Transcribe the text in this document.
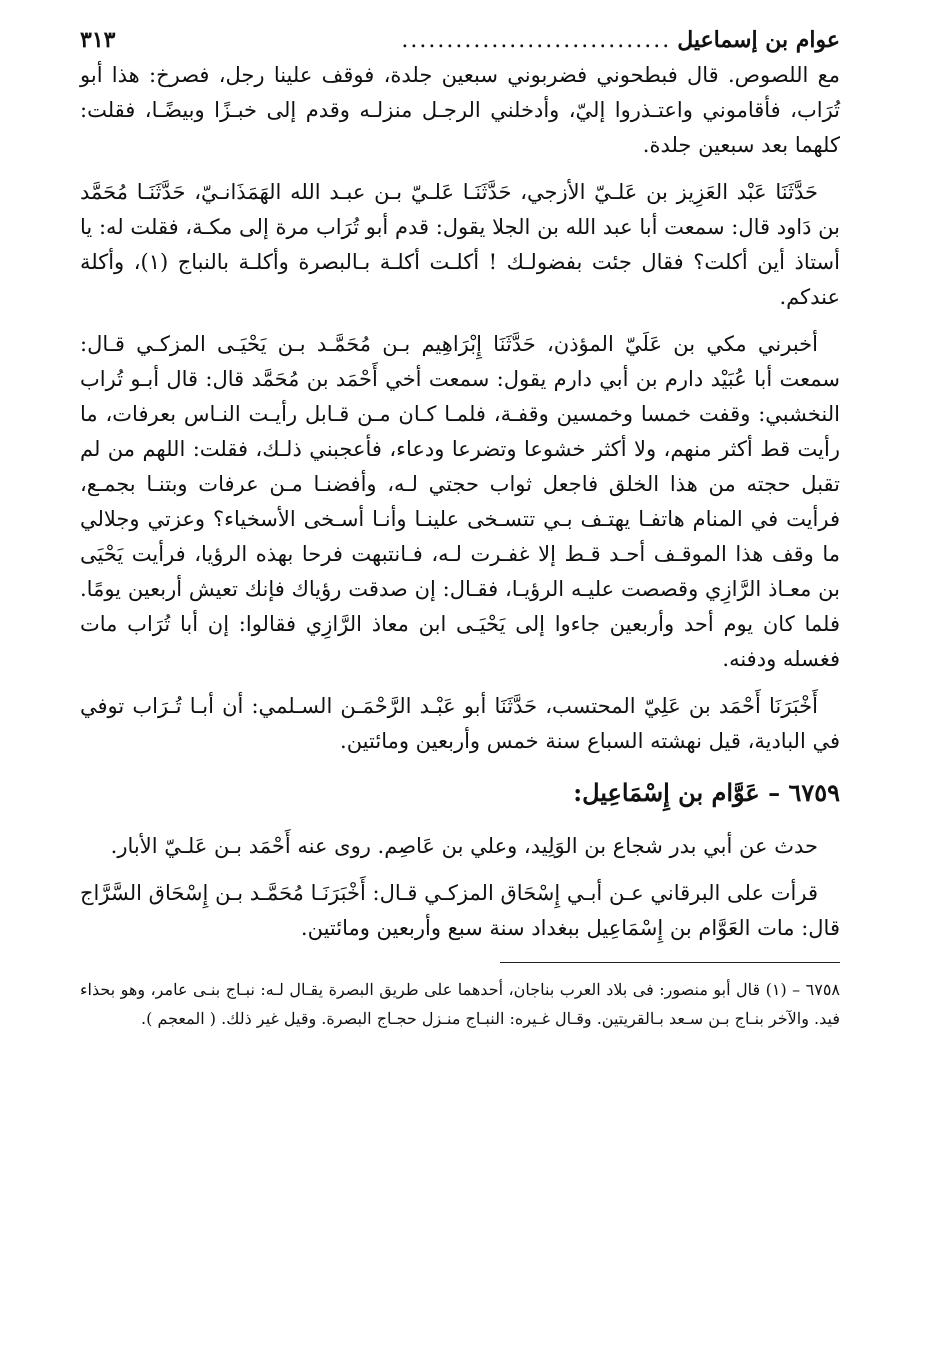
عوام بن إسماعيل
..............................
٣١٣

مع اللصوص. قال فبطحوني فضربوني سبعين جلدة، فوقف علينا رجل، فصرخ: هذا أبو تُرَاب، فأقاموني واعتـذروا إليّ، وأدخلني الرجـل منزلـه وقدم إلى خبـزًا وبيضًـا، فقلت: كلهما بعد سبعين جلدة.

حَدَّثَنَا عَبْد العَزِيز بن عَلـيّ الأزجي، حَدَّثَنَـا عَلـيّ بـن عبـد الله الهَمَذَانـيّ، حَدَّثَنَـا مُحَمَّد بن دَاود قال: سمعت أبا عبد الله بن الجلا يقول: قدم أبو تُرَاب مرة إلى مكـة، فقلت له: يا أستاذ أين أكلت؟ فقال جئت بفضولـك ! أكلـت أكلـة بـالبصرة وأكلـة بالنباج (١)، وأكلة عندكم.

أخبرني مكي بن عَلَيّ المؤذن، حَدَّثَنَا إِبْرَاهِيم بـن مُحَمَّـد بـن يَحْيَـى المزكـي قـال: سمعت أبا عُبَيْد دارم بن أبي دارم يقول: سمعت أخي أَحْمَد بن مُحَمَّد قال: قال أبـو تُراب النخشبي: وقفت خمسا وخمسين وقفـة، فلمـا كـان مـن قـابل رأيـت النـاس بعرفات، ما رأيت قط أكثر منهم، ولا أكثر خشوعا وتضرعا ودعاء، فأعجبني ذلـك، فقلت: اللهم من لم تقبل حجته من هذا الخلق فاجعل ثواب حجتي لـه، وأفضنـا مـن عرفات وبتنـا بجمـع، فرأيت في المنام هاتفـا يهتـف بـي تتسـخى علينـا وأنـا أسـخى الأسخياء؟ وعزتي وجلالي ما وقف هذا الموقـف أحـد قـط إلا غفـرت لـه، فـانتبهت فرحا بهذه الرؤيا، فرأيت يَحْيَى بن معـاذ الرَّازِي وقصصت عليـه الرؤيـا، فقـال: إن صدقت رؤياك فإنك تعيش أربعين يومًا. فلما كان يوم أحد وأربعين جاءوا إلى يَحْيَـى ابن معاذ الرَّازِي فقالوا: إن أبا تُرَاب مات فغسله ودفنه.

أَخْبَرَنَا أَحْمَد بن عَلِيّ المحتسب، حَدَّثَنَا أبو عَبْـد الرَّحْمَـن السـلمي: أن أبـا تُـرَاب توفي في البادية، قيل نهشته السباع سنة خمس وأربعين ومائتين.

٦٧٥٩ – عَوَّام بن إِسْمَاعِيل:

حدث عن أبي بدر شجاع بن الوَلِيد، وعلي بن عَاصِم. روى عنه أَحْمَد بـن عَلـيّ الأبار.

قرأت على البرقاني عـن أبـي إِسْحَاق المزكـي قـال: أَخْبَرَنَـا مُحَمَّـد بـن إِسْحَاق السَّرَّاج قال: مات العَوَّام بن إِسْمَاعِيل ببغداد سنة سبع وأربعين ومائتين.

٦٧٥٨ – (١) قال أبو منصور: فى بلاد العرب بناجان، أحدهما على طريق البصرة يقـال لـه: نبـاج بنـى عامر، وهو بحذاء فيد. والآخر بنـاج بـن سـعد بـالقريتين. وقـال غـيره: النبـاج منـزل حجـاج البصرة. وقيل غير ذلك. ( المعجم ).
